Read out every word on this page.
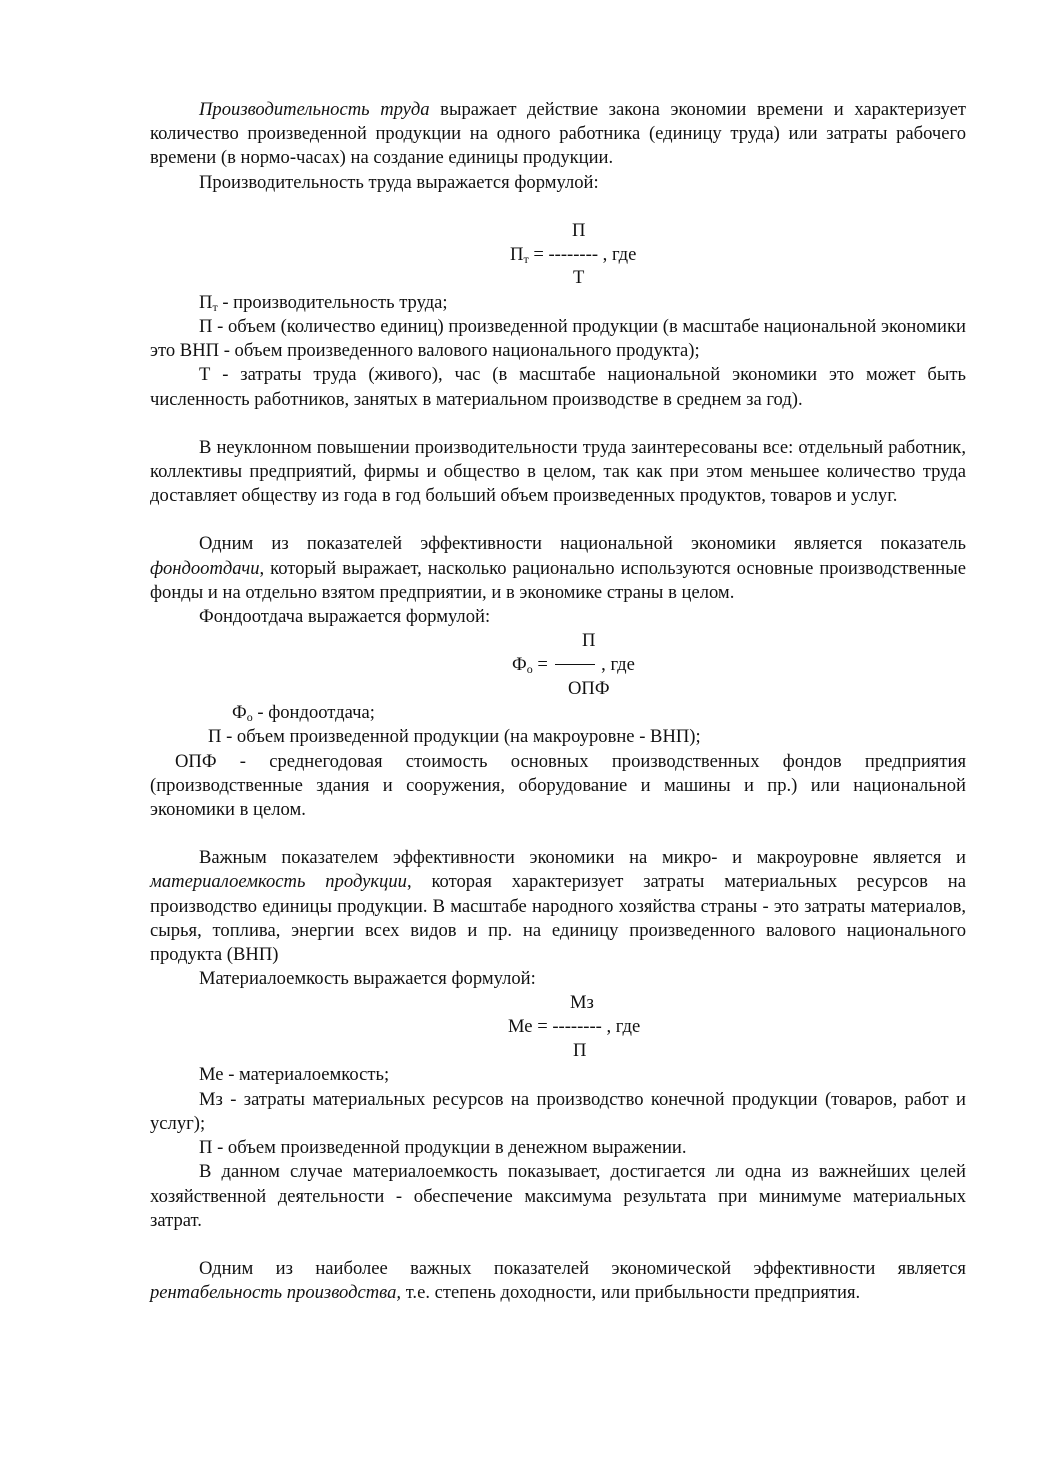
Производительность труда выражает действие закона экономии времени и характеризует количество произведенной продукции на одного работника (единицу труда) или затраты рабочего времени (в нормо-часах) на создание единицы продукции.

Производительность труда выражается формулой:

П
$П_т$ = -------- , где
Т

$П_т$ - производительность труда;

П - объем (количество единиц) произведенной продукции (в масштабе национальной экономики это ВНП - объем произведенного валового национального продукта);

Т - затраты труда (живого), час (в масштабе национальной экономики это может быть численность работников, занятых в материальном производстве в среднем за год).

В неуклонном повышении производительности труда заинтересованы все: отдельный работник, коллективы предприятий, фирмы и общество в целом, так как при этом меньшее количество труда доставляет обществу из года в год больший объем произведенных продуктов, товаров и услуг.

Одним из показателей эффективности национальной экономики является показатель фондоотдачи, который выражает, насколько рационально используются основные производственные фонды и на отдельно взятом предприятии, и в экономике страны в целом.

Фондоотдача выражается формулой:

П
$Ф_о$ =  , где
ОПФ

$Ф_о$ - фондоотдача;

П - объем произведенной продукции (на макроуровне - ВНП);

ОПФ - среднегодовая стоимость основных производственных фондов предприятия (производственные здания и сооружения, оборудование и машины и пр.) или национальной экономики в целом.

Важным показателем эффективности экономики на микро- и макроуровне является и материалоемкость продукции, которая характеризует затраты материальных ресурсов на производство единицы продукции. В масштабе народного хозяйства страны - это затраты материалов, сырья, топлива, энергии всех видов и пр. на единицу произведенного валового национального продукта (ВНП)

Материалоемкость выражается формулой:

Мз
Ме = -------- , где
П

Ме - материалоемкость;

Мз - затраты материальных ресурсов на производство конечной продукции (товаров, работ и услуг);

П - объем произведенной продукции в денежном выражении.

В данном случае материалоемкость показывает, достигается ли одна из важнейших целей хозяйственной деятельности - обеспечение максимума результата при минимуме материальных затрат.

Одним из наиболее важных показателей экономической эффективности является рентабельность производства, т.е. степень доходности, или прибыльности предприятия.
